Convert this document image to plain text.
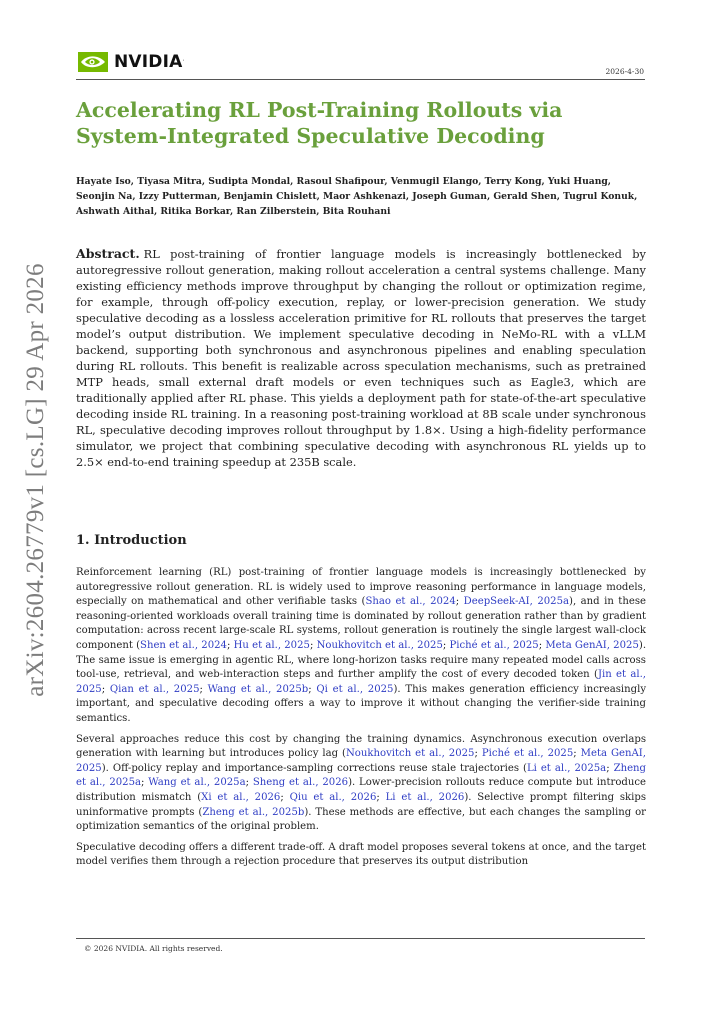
arXiv:2604.26779v1 [cs.LG] 29 Apr 2026
NVIDIA.
2026-4-30
Accelerating RL Post-Training Rollouts via System-Integrated Speculative Decoding

Hayate Iso, Tiyasa Mitra, Sudipta Mondal, Rasoul Shafipour, Venmugil Elango, Terry Kong, Yuki Huang, Seonjin Na, Izzy Putterman, Benjamin Chislett, Maor Ashkenazi, Joseph Guman, Gerald Shen, Tugrul Konuk, Ashwath Aithal, Ritika Borkar, Ran Zilberstein, Bita Rouhani

Abstract. RL post-training of frontier language models is increasingly bottlenecked by autoregressive rollout generation, making rollout acceleration a central systems challenge. Many existing efficiency methods improve throughput by changing the rollout or optimization regime, for example, through off-policy execution, replay, or lower-precision generation. We study speculative decoding as a lossless acceleration primitive for RL rollouts that preserves the target model’s output distribution. We implement speculative decoding in NeMo-RL with a vLLM backend, supporting both synchronous and asynchronous pipelines and enabling speculation during RL rollouts. This benefit is realizable across speculation mechanisms, such as pretrained MTP heads, small external draft models or even techniques such as Eagle3, which are traditionally applied after RL phase. This yields a deployment path for state-of-the-art speculative decoding inside RL training. In a reasoning post-training workload at 8B scale under synchronous RL, speculative decoding improves rollout throughput by 1.8×. Using a high-fidelity performance simulator, we project that combining speculative decoding with asynchronous RL yields up to 2.5× end-to-end training speedup at 235B scale.

1. Introduction

Reinforcement learning (RL) post-training of frontier language models is increasingly bottlenecked by autoregressive rollout generation. RL is widely used to improve reasoning performance in language models, especially on mathematical and other verifiable tasks (Shao et al., 2024; DeepSeek-AI, 2025a), and in these reasoning-oriented workloads overall training time is dominated by rollout generation rather than by gradient computation: across recent large-scale RL systems, rollout generation is routinely the single largest wall-clock component (Shen et al., 2024; Hu et al., 2025; Noukhovitch et al., 2025; Piché et al., 2025; Meta GenAI, 2025). The same issue is emerging in agentic RL, where long-horizon tasks require many repeated model calls across tool-use, retrieval, and web-interaction steps and further amplify the cost of every decoded token (Jin et al., 2025; Qian et al., 2025; Wang et al., 2025b; Qi et al., 2025). This makes generation efficiency increasingly important, and speculative decoding offers a way to improve it without changing the verifier-side training semantics.

Several approaches reduce this cost by changing the training dynamics. Asynchronous execution overlaps generation with learning but introduces policy lag (Noukhovitch et al., 2025; Piché et al., 2025; Meta GenAI, 2025). Off-policy replay and importance-sampling corrections reuse stale trajectories (Li et al., 2025a; Zheng et al., 2025a; Wang et al., 2025a; Sheng et al., 2026). Lower-precision rollouts reduce compute but introduce distribution mismatch (Xi et al., 2026; Qiu et al., 2026; Li et al., 2026). Selective prompt filtering skips uninformative prompts (Zheng et al., 2025b). These methods are effective, but each changes the sampling or optimization semantics of the original problem.

Speculative decoding offers a different trade-off. A draft model proposes several tokens at once, and the target model verifies them through a rejection procedure that preserves its output distribution

© 2026 NVIDIA. All rights reserved.
